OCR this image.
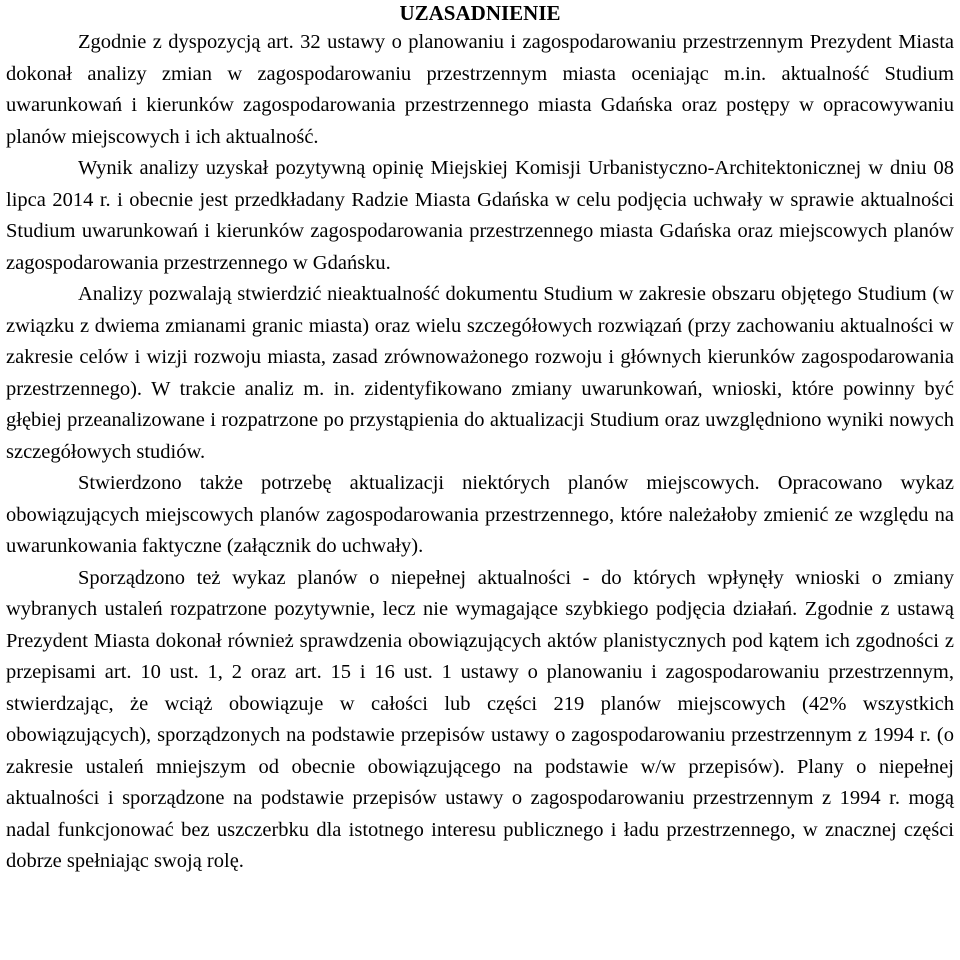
UZASADNIENIE

Zgodnie z dyspozycją art. 32 ustawy o planowaniu i zagospodarowaniu przestrzennym Prezydent Miasta dokonał analizy zmian w zagospodarowaniu przestrzennym miasta oceniając m.in. aktualność Studium uwarunkowań i kierunków zagospodarowania przestrzennego miasta Gdańska oraz postępy w opracowywaniu planów miejscowych i ich aktualność.

Wynik analizy uzyskał pozytywną opinię Miejskiej Komisji Urbanistyczno-Architektonicznej w dniu 08 lipca 2014 r. i obecnie jest przedkładany Radzie Miasta Gdańska w celu podjęcia uchwały w sprawie aktualności Studium uwarunkowań i kierunków zagospodarowania przestrzennego miasta Gdańska oraz miejscowych planów zagospodarowania przestrzennego w Gdańsku.

Analizy pozwalają stwierdzić nieaktualność dokumentu Studium w zakresie obszaru objętego Studium (w związku z dwiema zmianami granic miasta) oraz wielu szczegółowych rozwiązań (przy zachowaniu aktualności w zakresie celów i wizji rozwoju miasta, zasad zrównoważonego rozwoju i głównych kierunków zagospodarowania przestrzennego). W trakcie analiz m. in. zidentyfikowano zmiany uwarunkowań, wnioski, które powinny być głębiej przeanalizowane i rozpatrzone po przystąpienia do aktualizacji Studium oraz uwzględniono wyniki nowych szczegółowych studiów.

Stwierdzono także potrzebę aktualizacji niektórych planów miejscowych. Opracowano wykaz obowiązujących miejscowych planów zagospodarowania przestrzennego, które należałoby zmienić ze względu na uwarunkowania faktyczne (załącznik do uchwały).

Sporządzono też wykaz planów o niepełnej aktualności - do których wpłynęły wnioski o zmiany wybranych ustaleń rozpatrzone pozytywnie, lecz nie wymagające szybkiego podjęcia działań. Zgodnie z ustawą Prezydent Miasta dokonał również sprawdzenia obowiązujących aktów planistycznych pod kątem ich zgodności z przepisami art. 10 ust. 1, 2 oraz art. 15 i 16 ust. 1 ustawy o planowaniu i zagospodarowaniu przestrzennym, stwierdzając, że wciąż obowiązuje w całości lub części 219 planów miejscowych (42% wszystkich obowiązujących), sporządzonych na podstawie przepisów ustawy o zagospodarowaniu przestrzennym z 1994 r. (o zakresie ustaleń mniejszym od obecnie obowiązującego na podstawie w/w przepisów). Plany o niepełnej aktualności i sporządzone na podstawie przepisów ustawy o zagospodarowaniu przestrzennym z 1994 r. mogą nadal funkcjonować bez uszczerbku dla istotnego interesu publicznego i ładu przestrzennego, w znacznej części dobrze spełniając swoją rolę.
